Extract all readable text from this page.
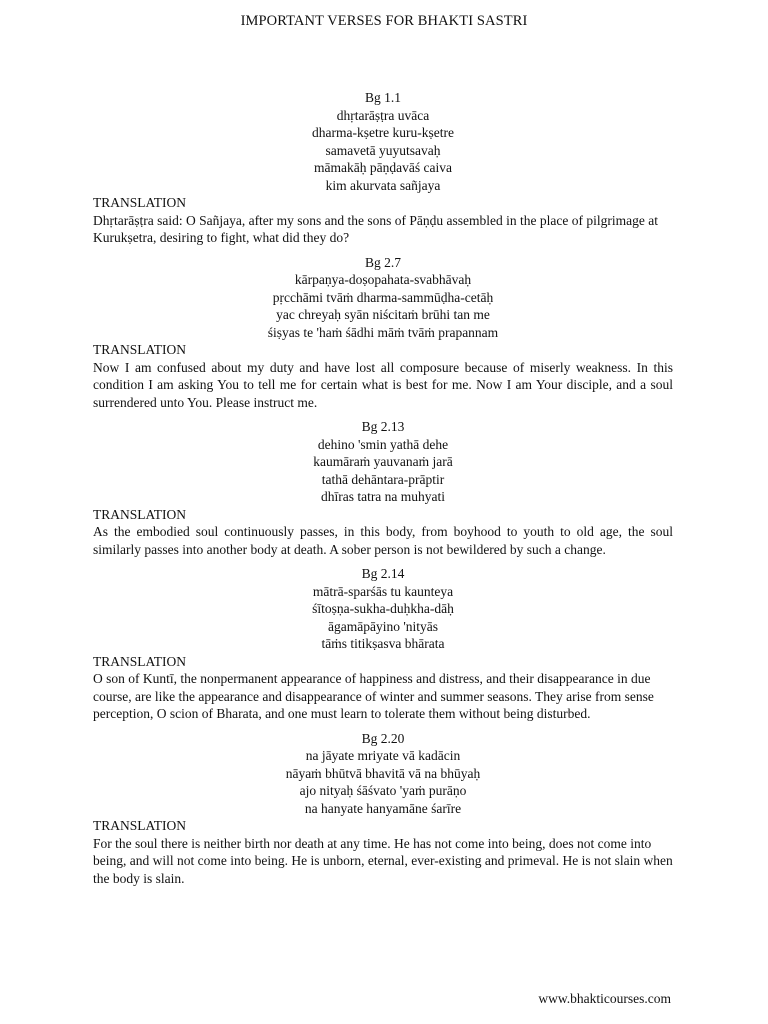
IMPORTANT VERSES FOR BHAKTI SASTRI
Bg 1.1

dhṛtarāṣṭra uvāca
dharma-kṣetre kuru-kṣetre
samavetā yuyutsavaḥ
māmakāḥ pāṇḍavāś caiva
kim akurvata sañjaya

TRANSLATION

Dhṛtarāṣṭra said: O Sañjaya, after my sons and the sons of Pāṇḍu assembled in the place of pilgrimage at Kurukṣetra, desiring to fight, what did they do?

Bg 2.7

kārpaṇya-doṣopahata-svabhāvaḥ
pṛcchāmi tvāṁ dharma-sammūḍha-cetāḥ
yac chreyaḥ syān niścitaṁ brūhi tan me
śiṣyas te 'haṁ śādhi māṁ tvāṁ prapannam

TRANSLATION

Now I am confused about my duty and have lost all composure because of miserly weakness. In this condition I am asking You to tell me for certain what is best for me. Now I am Your disciple, and a soul surrendered unto You. Please instruct me.

Bg 2.13

dehino 'smin yathā dehe
kaumāraṁ yauvanaṁ jarā
tathā dehāntara-prāptir
dhīras tatra na muhyati

TRANSLATION

As the embodied soul continuously passes, in this body, from boyhood to youth to old age, the soul similarly passes into another body at death. A sober person is not bewildered by such a change.

Bg 2.14

mātrā-sparśās tu kaunteya
śītoṣṇa-sukha-duḥkha-dāḥ
āgamāpāyino 'nityās
tāṁs titikṣasva bhārata

TRANSLATION

O son of Kuntī, the nonpermanent appearance of happiness and distress, and their disappearance in due course, are like the appearance and disappearance of winter and summer seasons. They arise from sense perception, O scion of Bharata, and one must learn to tolerate them without being disturbed.

Bg 2.20

na jāyate mriyate vā kadācin
nāyaṁ bhūtvā bhavitā vā na bhūyaḥ
ajo nityaḥ śāśvato 'yaṁ purāṇo
na hanyate hanyamāne śarīre

TRANSLATION

For the soul there is neither birth nor death at any time. He has not come into being, does not come into being, and will not come into being. He is unborn, eternal, ever-existing and primeval. He is not slain when the body is slain.

www.bhakticourses.com
